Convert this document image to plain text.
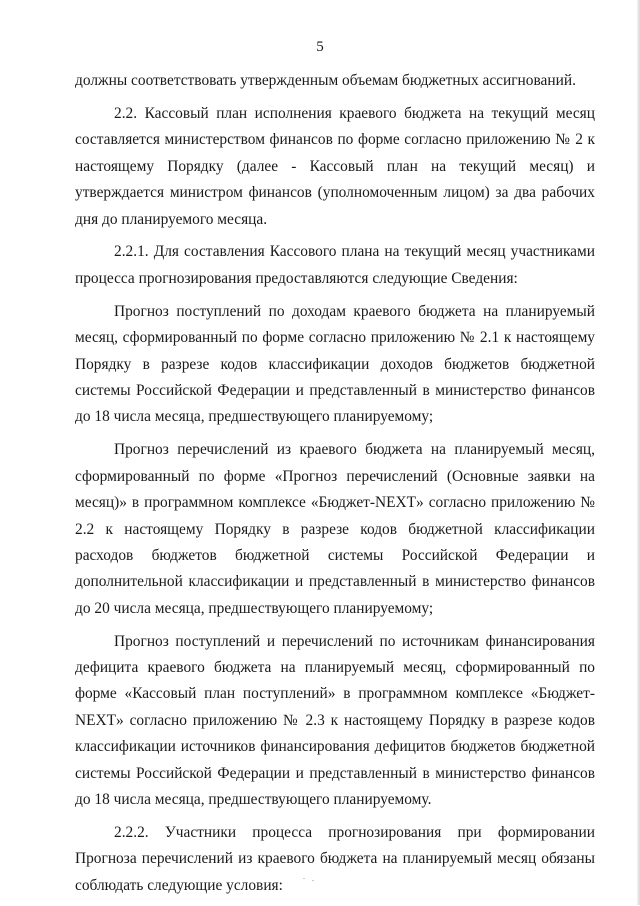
5

должны соответствовать утвержденным объемам бюджетных ассигнований.

2.2. Кассовый план исполнения краевого бюджета на текущий месяц составляется министерством финансов по форме согласно приложению № 2 к настоящему Порядку (далее - Кассовый план на текущий месяц) и утверждается министром финансов (уполномоченным лицом) за два рабочих дня до планируемого месяца.

2.2.1. Для составления Кассового плана на текущий месяц участниками процесса прогнозирования предоставляются следующие Сведения:

Прогноз поступлений по доходам краевого бюджета на планируемый месяц, сформированный по форме согласно приложению № 2.1 к настоящему Порядку в разрезе кодов классификации доходов бюджетов бюджетной системы Российской Федерации и представленный в министерство финансов до 18 числа месяца, предшествующего планируемому;

Прогноз перечислений из краевого бюджета на планируемый месяц, сформированный по форме «Прогноз перечислений (Основные заявки на месяц)» в программном комплексе «Бюджет-NEXT» согласно приложению № 2.2 к настоящему Порядку в разрезе кодов бюджетной классификации расходов бюджетов бюджетной системы Российской Федерации и дополнительной классификации и представленный в министерство финансов до 20 числа месяца, предшествующего планируемому;

Прогноз поступлений и перечислений по источникам финансирования дефицита краевого бюджета на планируемый месяц, сформированный по форме «Кассовый план поступлений» в программном комплексе «Бюджет-NEXT» согласно приложению № 2.3 к настоящему Порядку в разрезе кодов классификации источников финансирования дефицитов бюджетов бюджетной системы Российской Федерации и представленный в министерство финансов до 18 числа месяца, предшествующего планируемому.

2.2.2. Участники процесса прогнозирования при формировании Прогноза перечислений из краевого бюджета на планируемый месяц обязаны соблюдать следующие условия:
